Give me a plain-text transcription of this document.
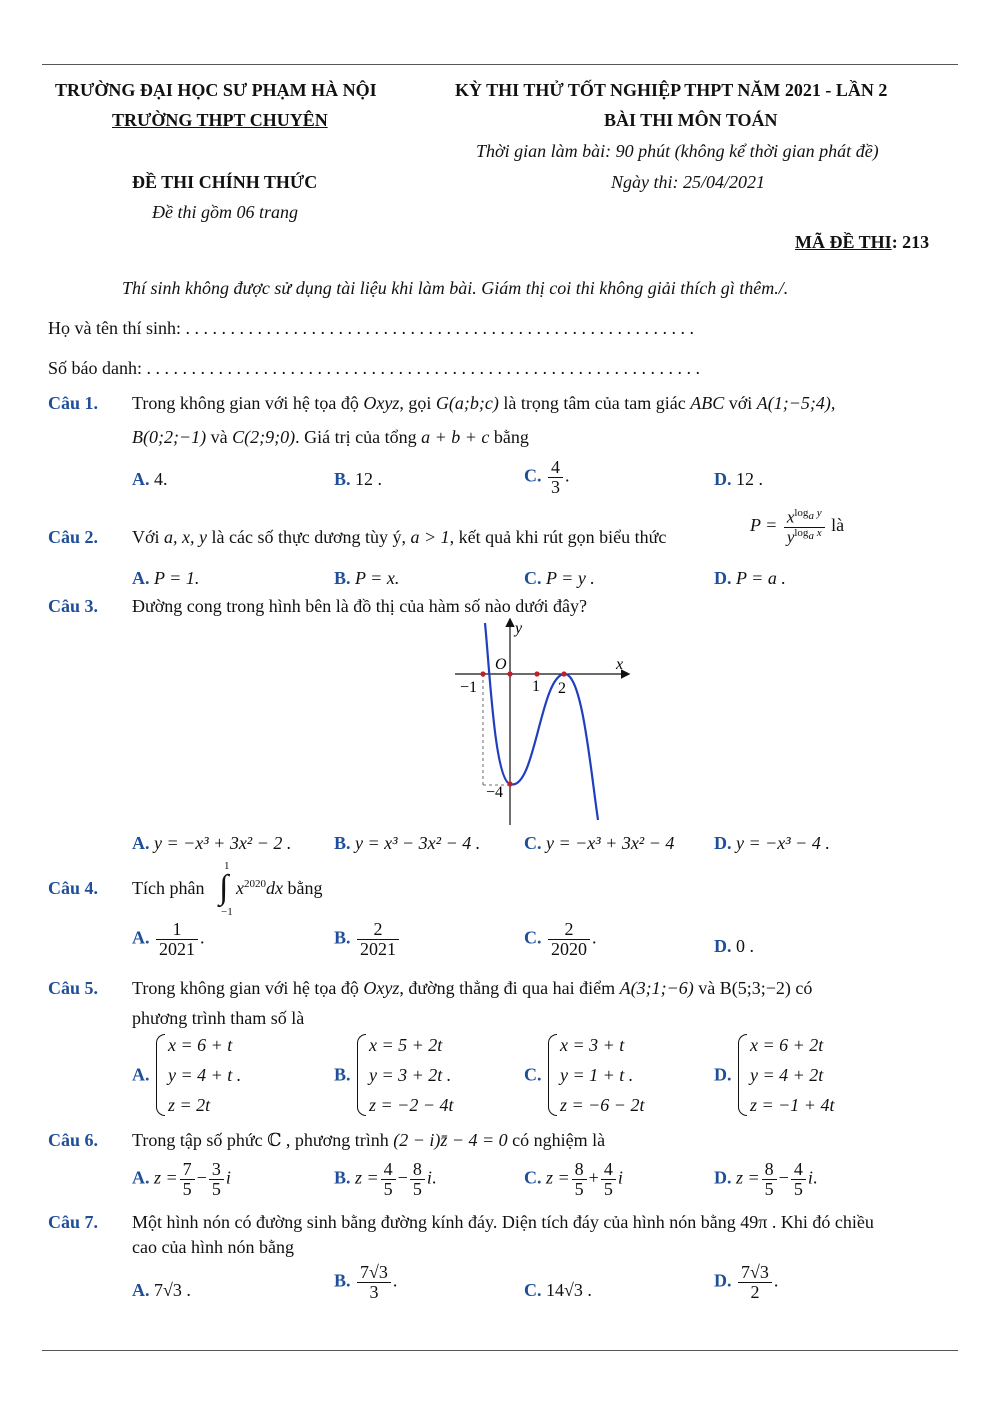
TRƯỜNG ĐẠI HỌC SƯ PHẠM HÀ NỘI
TRƯỜNG THPT CHUYÊN
KỲ THI THỬ TỐT NGHIỆP THPT NĂM 2021 - LẦN 2
BÀI THI MÔN TOÁN
Thời gian làm bài: 90 phút (không kể thời gian phát đề)
ĐỀ THI CHÍNH THỨC	Ngày thi: 25/04/2021
Đề thi gồm 06 trang
MÃ ĐỀ THI: 213
Thí sinh không được sử dụng tài liệu khi làm bài. Giám thị coi thi không giải thích gì thêm./.
Họ và tên thí sinh: . . . . . . . . . . . . . . . . . . . . . . . . . . . . . . . . . . . . . . . . . . . . . . . . . . . . . . . . .
Số báo danh: . . . . . . . . . . . . . . . . . . . . . . . . . . . . . . . . . . . . . . . . . . . . . . . . . . . . . . . . . . . . . .
Câu 1. Trong không gian với hệ tọa độ Oxyz, gọi G(a;b;c) là trọng tâm của tam giác ABC với A(1;−5;4),
B(0;2;−1) và C(2;9;0). Giá trị của tổng a + b + c bằng
A. 4.	B. 12 .	C. $\frac{4}{3}$ .	D. 12 .
Câu 2. Với a, x, y là các số thực dương tùy ý, a > 1, kết quả khi rút gọn biểu thức
$P = \frac{x^{log_a y}}{y^{log_a x}}$ là
A. P = 1.	B. P = x.	C. P = y .	D. P = a .
Câu 3. Đường cong trong hình bên là đồ thị của hàm số nào dưới đây?
y
x
O
−1	1 2
−4
A. y = −x³ + 3x² − 2 . B. y = x³ − 3x² − 4 . C. y = −x³ + 3x² − 4 D. y = −x³ − 4 .
Câu 4. Tích phân
1
∫
−1
$x^{2020}dx$ bằng
A. $\frac{1}{2021}$ .	B. $\frac{2}{2021}$	C. $\frac{2}{2020}$ .	D. 0 .
Câu 5. Trong không gian với hệ tọa độ Oxyz, đường thẳng đi qua hai điểm A(3;1;−6) và B(5;3;−2) có
phương trình tham số là
A.
x = 6 + t
y = 4 + t .
z = 2t
B.
x = 5 + 2t
y = 3 + 2t .
z = −2 − 4t
C.
x = 3 + t
y = 1 + t .
z = −6 − 2t
D.
x = 6 + 2t
y = 4 + 2t
z = −1 + 4t
Câu 6. Trong tập số phức ℂ , phương trình (2 − i)z̄ − 4 = 0 có nghiệm là
A. $z = \frac{7}{5} - \frac{3}{5}$ i	B. $z = \frac{4}{5} - \frac{8}{5} i$.	C. $z = \frac{8}{5} + \frac{4}{5}$ i	D. $z = \frac{8}{5} - \frac{4}{5} i$.
Câu 7. Một hình nón có đường sinh bằng đường kính đáy. Diện tích đáy của hình nón bằng 49π . Khi đó chiều
cao của hình nón bằng
A. 7√3 .	B. $\frac{7√3}{3}$ .	C. 14√3 .	D. $\frac{7√3}{2}$ .
